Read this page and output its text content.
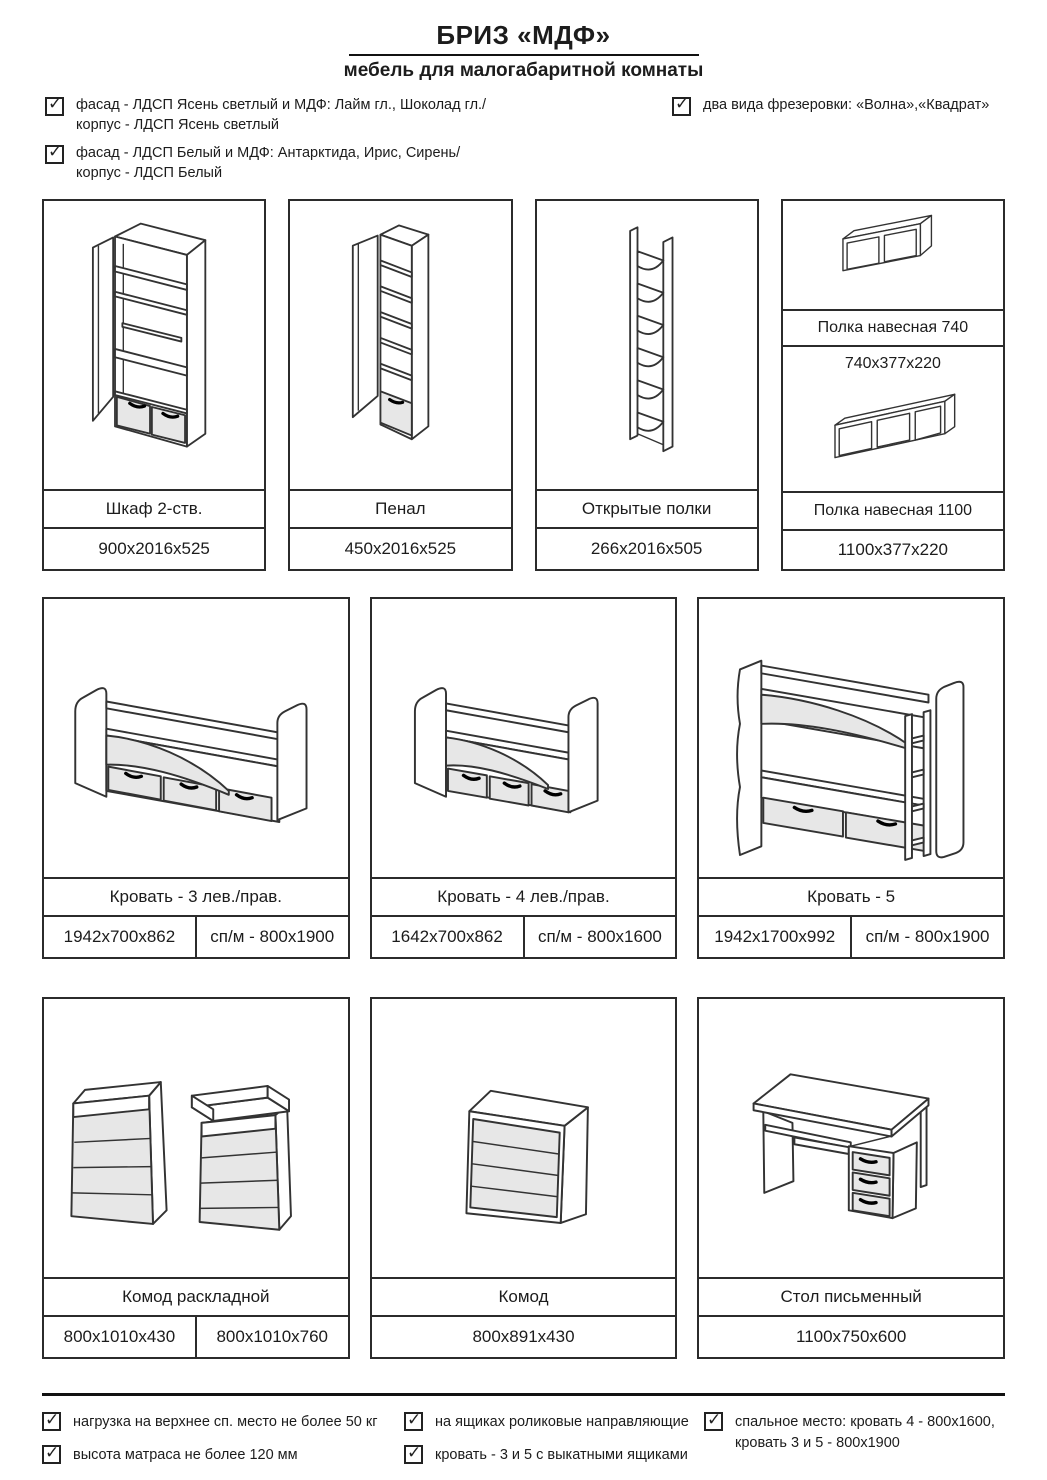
БРИЗ «МДФ»
мебель для малогабаритной комнаты
✓ фасад - ЛДСП Ясень светлый и МДФ: Лайм гл., Шоколад гл./
корпус - ЛДСП Ясень светлый
✓ фасад - ЛДСП Белый и МДФ: Антарктида, Ирис, Сирень/
корпус - ЛДСП Белый
✓ два вида фрезеровки: «Волна»,«Квадрат»
Шкаф 2-ств.
900х2016х525
Пенал
450х2016х525
Открытые полки
266х2016х505
Полка навесная 740
740х377х220
Полка навесная 1100
1100х377х220
Кровать - 3 лев./прав.
1942х700х862	сп/м - 800х1900
Кровать - 4 лев./прав.
1642х700х862	сп/м - 800х1600
Кровать - 5
1942х1700х992	сп/м - 800х1900
Комод раскладной
800х1010х430	800х1010х760
Комод
800х891х430
Стол письменный
1100х750х600
✓ нагрузка на верхнее сп. место не более 50 кг
✓ высота матраса не более 120 мм
✓ на ящиках роликовые направляющие
✓ кровать - 3 и 5 с выкатными ящиками
✓ спальное место: кровать 4 - 800х1600,
кровать 3 и 5 - 800х1900
